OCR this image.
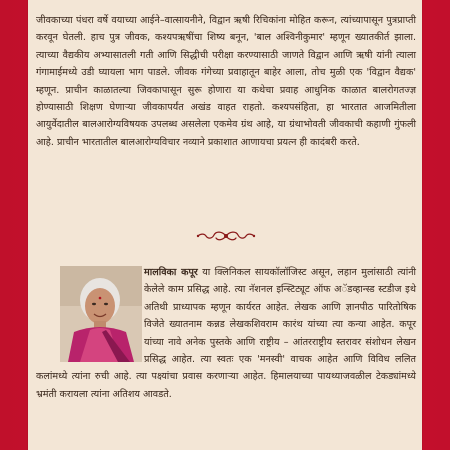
जीवकाच्या पंधरा वर्षे वयाच्या आईने–वात्सायनीने, विद्वान ऋषी रिचिकांना मोहित करून, त्यांच्यापासून पुत्रप्राप्ती करवून घेतली. हाच पुत्र जीवक, कश्यपऋषींचा शिष्य बनून, 'बाल अश्विनीकुमार' म्हणून ख्यातकीर्त झाला. त्याच्या वैद्यकीय अभ्यासातली गती आणि सिद्धीची परीक्षा करण्यासाठी जाणते विद्वान आणि ऋषी यांनी त्याला गंगामाईमध्ये उडी घ्यायला भाग पाडले. जीवक गंगेच्या प्रवाहातून बाहेर आला, तोच मुळी एक 'विद्वान वैद्यक' म्हणून. प्राचीन काळातल्या जिवकापासून सुरू होणारा या कथेचा प्रवाह आधुनिक काळात बालरोगतज्ज्ञ होण्यासाठी शिक्षण घेणाऱ्या जीवकापर्यंत अखंड वाहत राहतो. कश्यपसंहिता, हा भारतात आजमितीला आयुर्वेदातील बालआरोग्यविषयक उपलब्ध असलेला एकमेव ग्रंथ आहे, या ग्रंथाभोवती जीवकाची कहाणी गुंफली आहे. प्राचीन भारतातील बालआरोग्यविचार नव्याने प्रकाशात आणायचा प्रयत्न ही कादंबरी करते.

मालविका कपूर या क्लिनिकल सायकॉलॉजिस्ट असून, लहान मुलांसाठी त्यांनी केलेले काम प्रसिद्ध आहे. त्या नॅशनल इन्स्टिट्यूट ऑफ अॅडव्हान्स्ड स्टडीज इथे अतिथी प्राध्यापक म्हणून कार्यरत आहेत. लेखक आणि ज्ञानपीठ पारितोषिक विजेते ख्यातनाम कन्नड लेखकशिवराम कारंथ यांच्या त्या कन्या आहेत. कपूर यांच्या नावे अनेक पुस्तके आणि राष्ट्रीय – आंतरराष्ट्रीय स्तरावर संशोधन लेखन प्रसिद्ध आहेत. त्या स्वतः एक 'मनस्वी' वाचक आहेत आणि विविध ललित कलांमध्ये त्यांना रुची आहे. त्या पक्ष्यांचा प्रवास करणाऱ्या आहेत. हिमालयाच्या पायथ्याजवळील टेकड्यांमध्ये भ्रमंती करायला त्यांना अतिशय आवडते.
